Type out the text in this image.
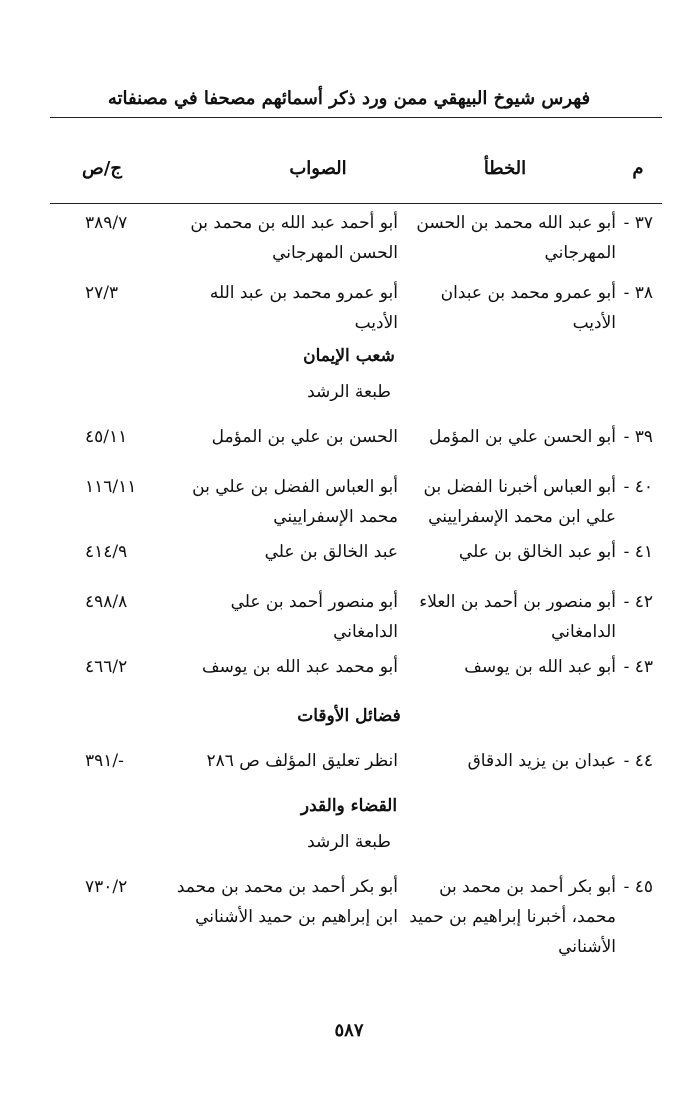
فهرس شيوخ البيهقي ممن ورد ذكر أسمائهم مصحفا في مصنفاته
م
الخطأ
الصواب
ج/ص
٣٧ -
أبو عبد الله محمد بن الحسن المهرجاني
أبو أحمد عبد الله بن محمد بن الحسن المهرجاني
٣٨٩/٧
٣٨ -
أبو عمرو محمد بن عبدان الأديب
أبو عمرو محمد بن عبد الله الأديب
٢٧/٣
شعب الإيمان
طبعة الرشد
٣٩ -
أبو الحسن علي بن المؤمل
الحسن بن علي بن المؤمل
٤٥/١١
٤٠ -
أبو العباس أخبرنا الفضل بن علي ابن محمد الإسفراييني
أبو العباس الفضل بن علي بن محمد الإسفراييني
١١٦/١١
٤١ -
أبو عبد الخالق بن علي
عبد الخالق بن علي
٤١٤/٩
٤٢ -
أبو منصور بن أحمد بن العلاء الدامغاني
أبو منصور أحمد بن علي الدامغاني
٤٩٨/٨
٤٣ -
أبو عبد الله بن يوسف
أبو محمد عبد الله بن يوسف
٤٦٦/٢
فضائل الأوقات
٤٤ -
عبدان بن يزيد الدقاق
انظر تعليق المؤلف ص ٢٨٦
-/٣٩١
القضاء والقدر
طبعة الرشد
٤٥ -
أبو بكر أحمد بن محمد بن محمد، أخبرنا إبراهيم بن حميد الأشناني
أبو بكر أحمد بن محمد بن محمد ابن إبراهيم بن حميد الأشناني
٧٣٠/٢
٥٨٧
